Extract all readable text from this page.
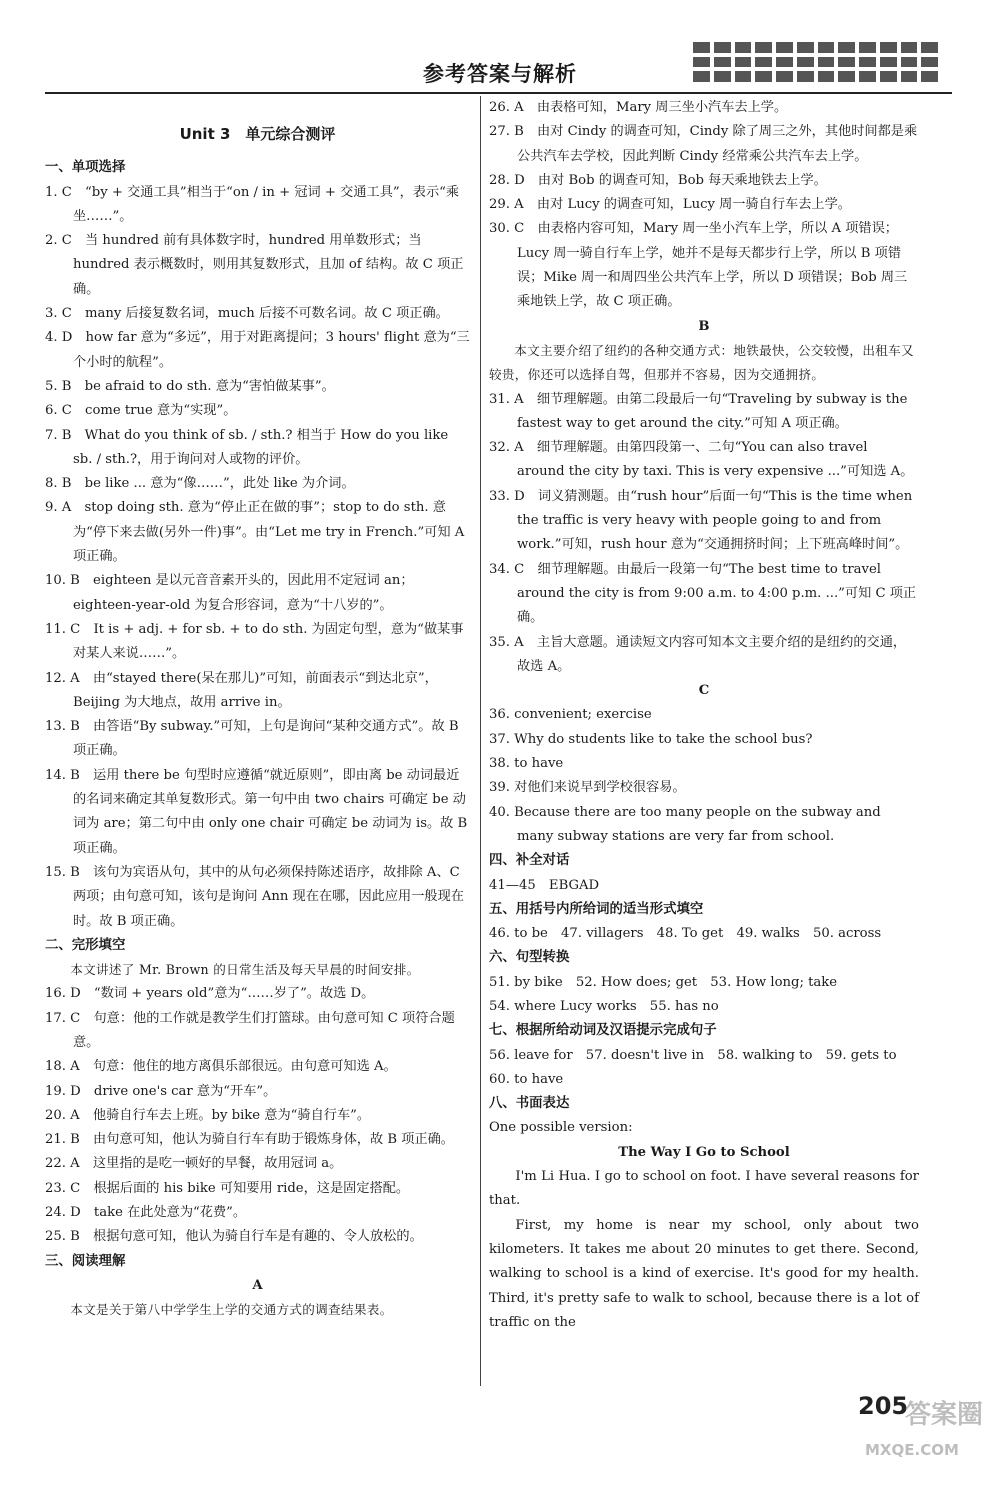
参考答案与解析
Unit 3　单元综合测评
一、单项选择
1. C　“by + 交通工具”相当于“on / in + 冠词 + 交通工具”，表示“乘坐……”。
2. C　当 hundred 前有具体数字时，hundred 用单数形式；当 hundred 表示概数时，则用其复数形式，且加 of 结构。故 C 项正确。
3. C　many 后接复数名词，much 后接不可数名词。故 C 项正确。
4. D　how far 意为“多远”，用于对距离提问；3 hours' flight 意为“三个小时的航程”。
5. B　be afraid to do sth. 意为“害怕做某事”。
6. C　come true 意为“实现”。
7. B　What do you think of sb. / sth.? 相当于 How do you like sb. / sth.?，用于询问对人或物的评价。
8. B　be like ... 意为“像……”，此处 like 为介词。
9. A　stop doing sth. 意为“停止正在做的事”；stop to do sth. 意为“停下来去做(另外一件)事”。由“Let me try in French.”可知 A 项正确。
10. B　eighteen 是以元音音素开头的，因此用不定冠词 an；eighteen-year-old 为复合形容词，意为“十八岁的”。
11. C　It is + adj. + for sb. + to do sth. 为固定句型，意为“做某事对某人来说……”。
12. A　由“stayed there(呆在那儿)”可知，前面表示“到达北京”，Beijing 为大地点，故用 arrive in。
13. B　由答语“By subway.”可知，上句是询问“某种交通方式”。故 B 项正确。
14. B　运用 there be 句型时应遵循“就近原则”，即由离 be 动词最近的名词来确定其单复数形式。第一句中由 two chairs 可确定 be 动词为 are；第二句中由 only one chair 可确定 be 动词为 is。故 B 项正确。
15. B　该句为宾语从句，其中的从句必须保持陈述语序，故排除 A、C 两项；由句意可知，该句是询问 Ann 现在在哪，因此应用一般现在时。故 B 项正确。
二、完形填空
本文讲述了 Mr. Brown 的日常生活及每天早晨的时间安排。
16. D　“数词 + years old”意为“……岁了”。故选 D。
17. C　句意：他的工作就是教学生们打篮球。由句意可知 C 项符合题意。
18. A　句意：他住的地方离俱乐部很远。由句意可知选 A。
19. D　drive one's car 意为“开车”。
20. A　他骑自行车去上班。by bike 意为“骑自行车”。
21. B　由句意可知，他认为骑自行车有助于锻炼身体，故 B 项正确。
22. A　这里指的是吃一顿好的早餐，故用冠词 a。
23. C　根据后面的 his bike 可知要用 ride，这是固定搭配。
24. D　take 在此处意为“花费”。
25. B　根据句意可知，他认为骑自行车是有趣的、令人放松的。
三、阅读理解
A
本文是关于第八中学学生上学的交通方式的调查结果表。
26. A　由表格可知，Mary 周三坐小汽车去上学。
27. B　由对 Cindy 的调查可知，Cindy 除了周三之外，其他时间都是乘公共汽车去学校，因此判断 Cindy 经常乘公共汽车去上学。
28. D　由对 Bob 的调查可知，Bob 每天乘地铁去上学。
29. A　由对 Lucy 的调查可知，Lucy 周一骑自行车去上学。
30. C　由表格内容可知，Mary 周一坐小汽车上学，所以 A 项错误；Lucy 周一骑自行车上学，她并不是每天都步行上学，所以 B 项错误；Mike 周一和周四坐公共汽车上学，所以 D 项错误；Bob 周三乘地铁上学，故 C 项正确。
B
本文主要介绍了纽约的各种交通方式：地铁最快，公交较慢，出租车又较贵，你还可以选择自驾，但那并不容易，因为交通拥挤。
31. A　细节理解题。由第二段最后一句“Traveling by subway is the fastest way to get around the city.”可知 A 项正确。
32. A　细节理解题。由第四段第一、二句“You can also travel around the city by taxi. This is very expensive ...”可知选 A。
33. D　词义猜测题。由“rush hour”后面一句“This is the time when the traffic is very heavy with people going to and from work.”可知，rush hour 意为“交通拥挤时间；上下班高峰时间”。
34. C　细节理解题。由最后一段第一句“The best time to travel around the city is from 9:00 a.m. to 4:00 p.m. ...”可知 C 项正确。
35. A　主旨大意题。通读短文内容可知本文主要介绍的是纽约的交通，故选 A。
C
36. convenient; exercise
37. Why do students like to take the school bus?
38. to have
39. 对他们来说早到学校很容易。
40. Because there are too many people on the subway and many subway stations are very far from school.
四、补全对话
41—45　EBGAD
五、用括号内所给词的适当形式填空
46. to be　47. villagers　48. To get　49. walks　50. across
六、句型转换
51. by bike　52. How does; get　53. How long; take
54. where Lucy works　55. has no
七、根据所给动词及汉语提示完成句子
56. leave for　57. doesn't live in　58. walking to　59. gets to
60. to have
八、书面表达
One possible version:
The Way I Go to School
I'm Li Hua. I go to school on foot. I have several reasons for that.
First, my home is near my school, only about two kilometers. It takes me about 20 minutes to get there. Second, walking to school is a kind of exercise. It's good for my health. Third, it's pretty safe to walk to school, because there is a lot of traffic on the
205
答案圈
MXQE.COM
